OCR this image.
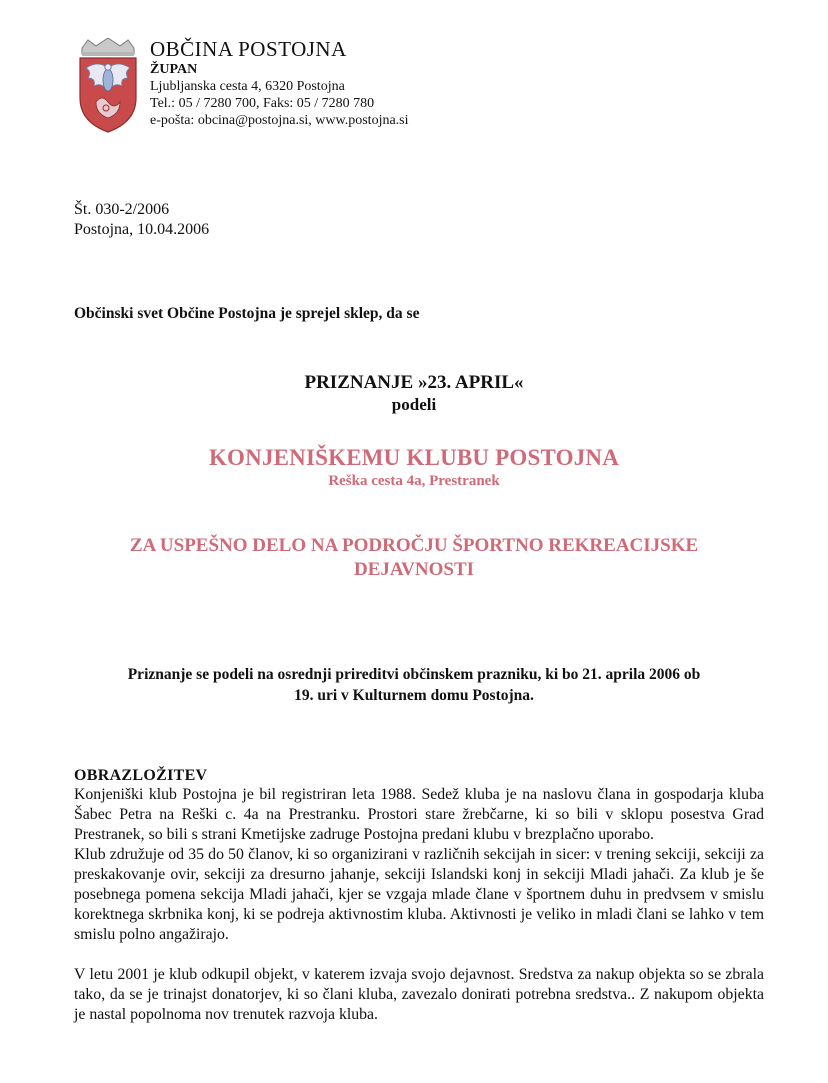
OBČINA POSTOJNA
ŽUPAN
Ljubljanska cesta 4, 6320 Postojna
Tel.: 05 / 7280 700, Faks: 05 / 7280 780
e-pošta: obcina@postojna.si, www.postojna.si
Št. 030-2/2006
Postojna, 10.04.2006
Občinski svet Občine Postojna je sprejel sklep, da se
PRIZNANJE »23. APRIL«
podeli
KONJENIŠKEMU KLUBU POSTOJNA
Reška cesta 4a, Prestranek
ZA USPEŠNO DELO NA PODROČJU ŠPORTNO REKREACIJSKE
DEJAVNOSTI
Priznanje se podeli na osrednji prireditvi občinskem prazniku, ki bo 21. aprila 2006 ob
19. uri v Kulturnem domu Postojna.
OBRAZLOŽITEV

Konjeniški klub Postojna je bil registriran leta 1988. Sedež kluba je na naslovu člana in gospodarja kluba Šabec Petra na Reški c. 4a na Prestranku. Prostori stare žrebčarne, ki so bili v sklopu posestva Grad Prestranek, so bili s strani Kmetijske zadruge Postojna predani klubu v brezplačno uporabo.

Klub združuje od 35 do 50 članov, ki so organizirani v različnih sekcijah in sicer: v trening sekciji, sekciji za preskakovanje ovir, sekciji za dresurno jahanje, sekciji Islandski konj in sekciji Mladi jahači. Za klub je še posebnega pomena sekcija Mladi jahači, kjer se vzgaja mlade člane v športnem duhu in predvsem v smislu korektnega skrbnika konj, ki se podreja aktivnostim kluba. Aktivnosti je veliko in mladi člani se lahko v tem smislu polno angažirajo.

V letu 2001 je klub odkupil objekt, v katerem izvaja svojo dejavnost. Sredstva za nakup objekta so se zbrala tako, da se je trinajst donatorjev, ki so člani kluba, zavezalo donirati potrebna sredstva.. Z nakupom objekta je nastal popolnoma nov trenutek razvoja kluba.
